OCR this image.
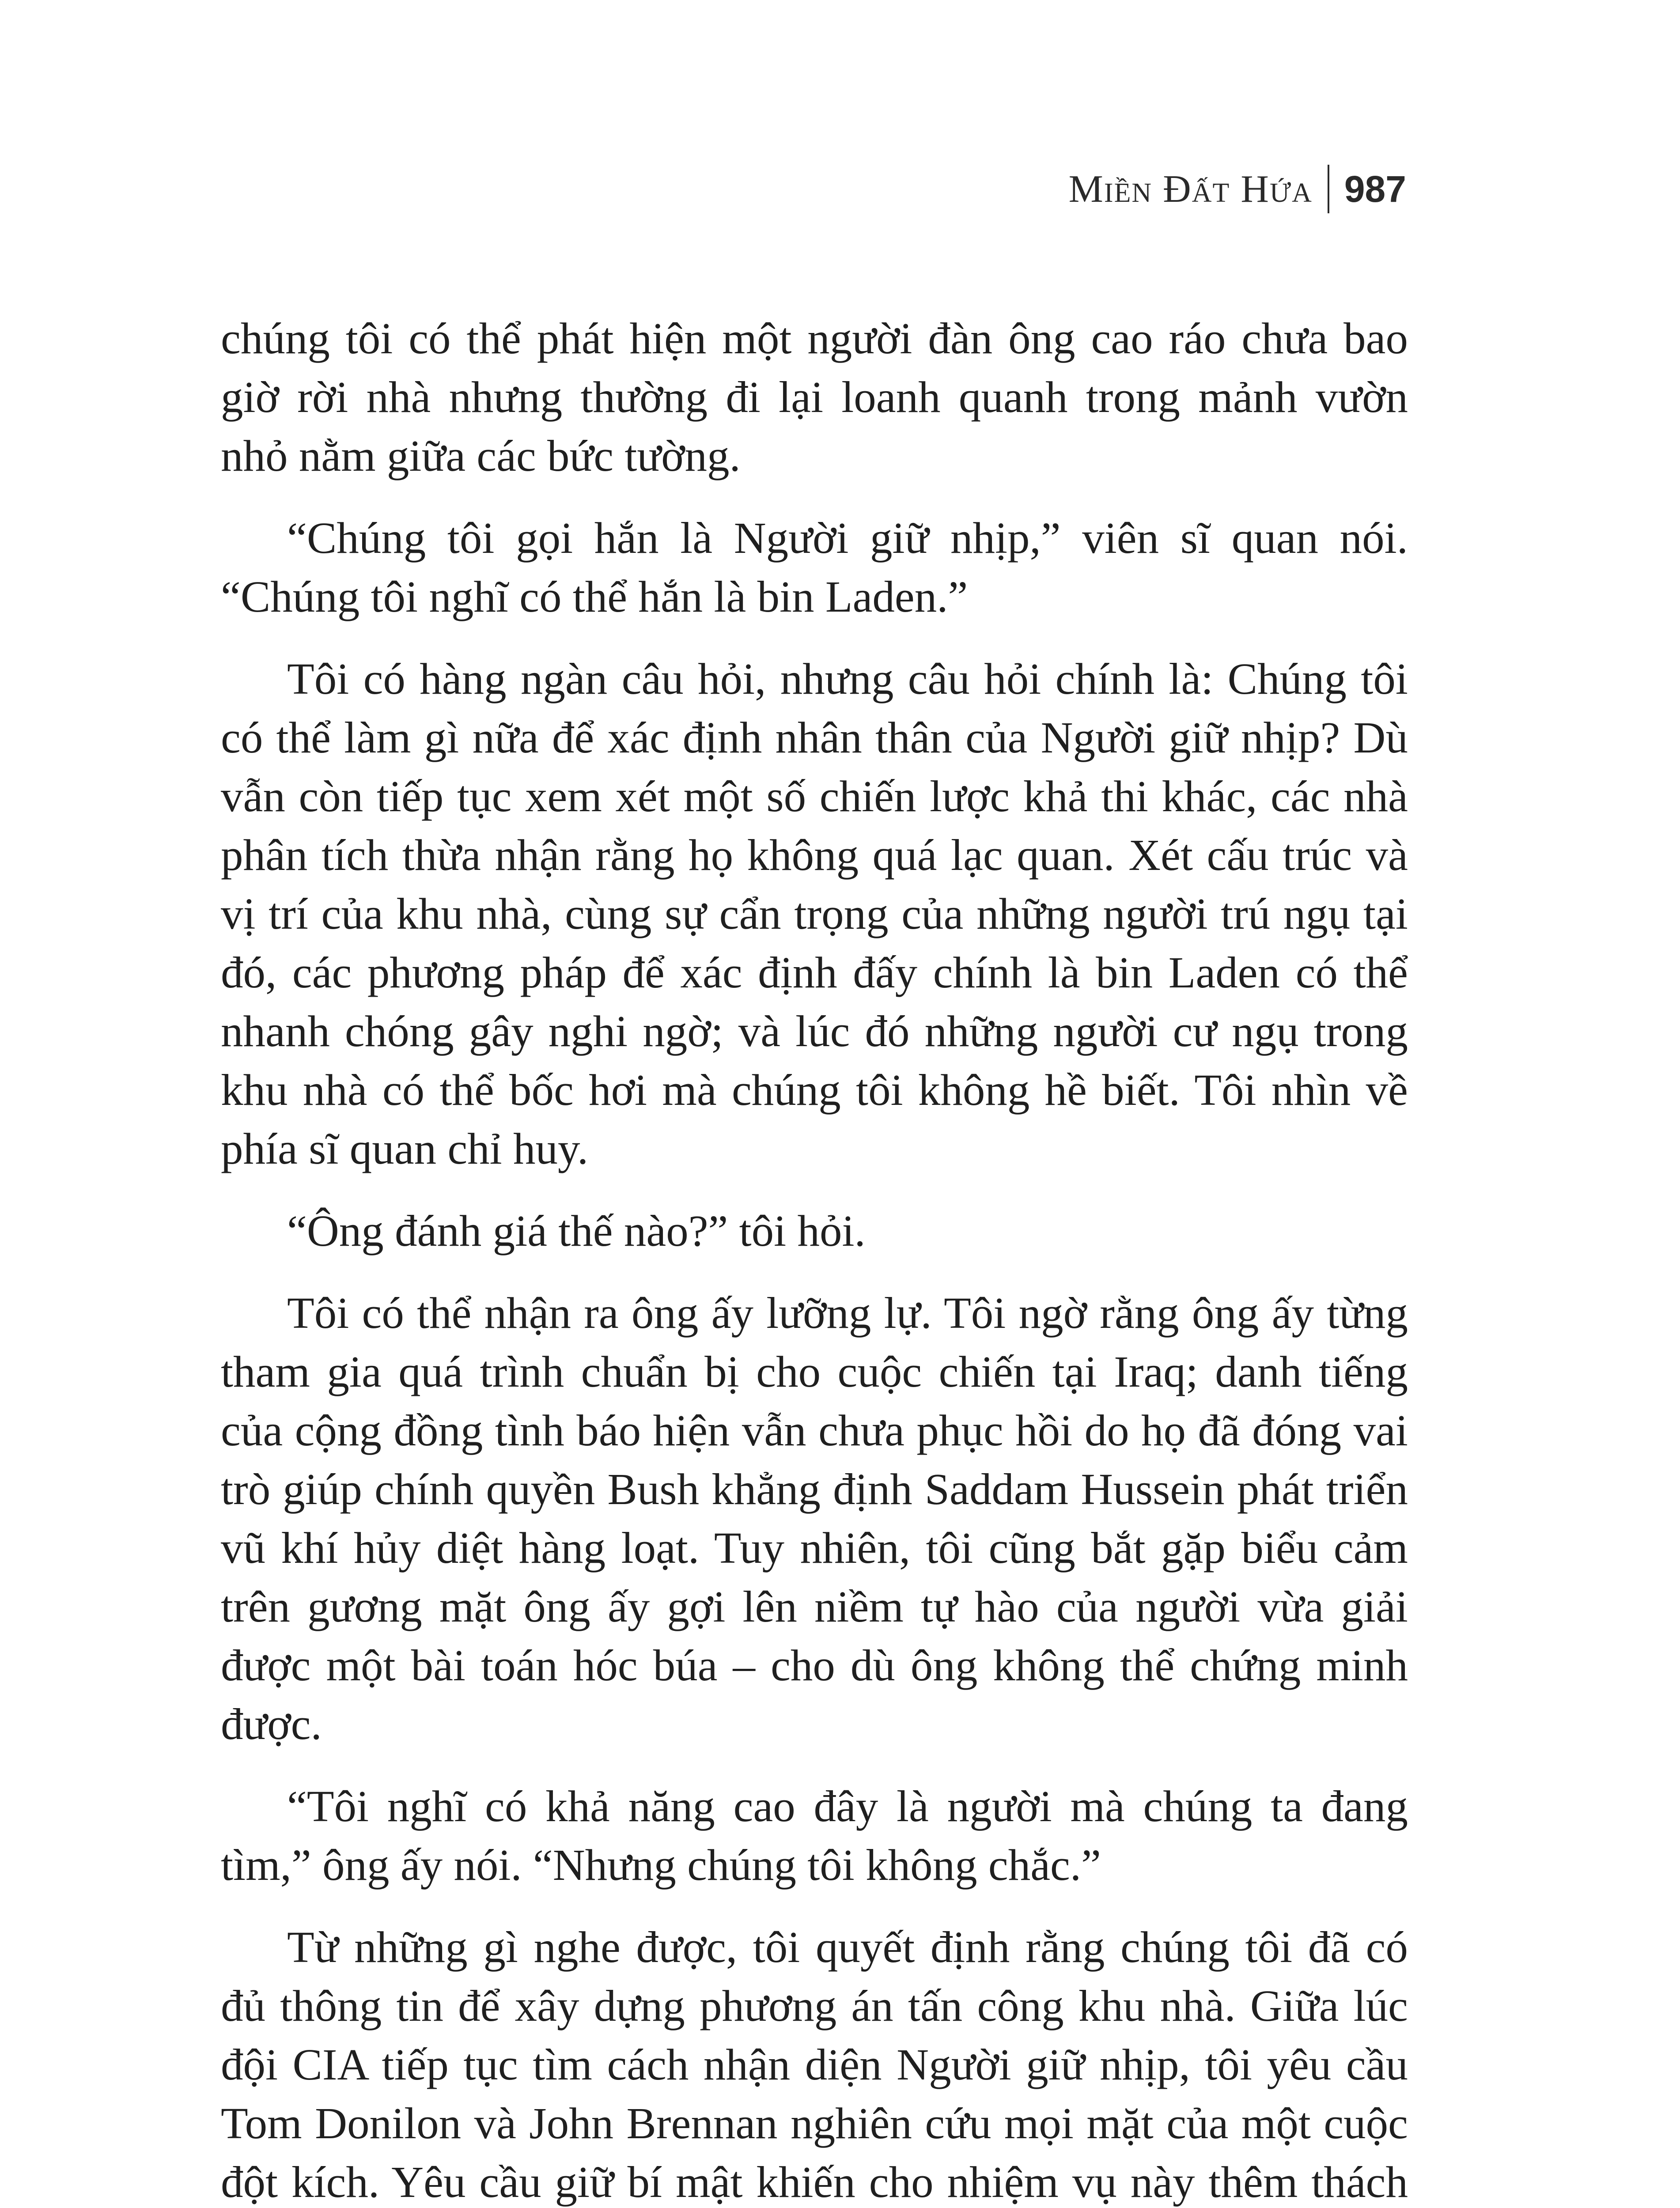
Miền Đất Hứa 987

chúng tôi có thể phát hiện một người đàn ông cao ráo chưa bao giờ rời nhà nhưng thường đi lại loanh quanh trong mảnh vườn nhỏ nằm giữa các bức tường.

“Chúng tôi gọi hắn là Người giữ nhịp,” viên sĩ quan nói. “Chúng tôi nghĩ có thể hắn là bin Laden.”

Tôi có hàng ngàn câu hỏi, nhưng câu hỏi chính là: Chúng tôi có thể làm gì nữa để xác định nhân thân của Người giữ nhịp? Dù vẫn còn tiếp tục xem xét một số chiến lược khả thi khác, các nhà phân tích thừa nhận rằng họ không quá lạc quan. Xét cấu trúc và vị trí của khu nhà, cùng sự cẩn trọng của những người trú ngụ tại đó, các phương pháp để xác định đấy chính là bin Laden có thể nhanh chóng gây nghi ngờ; và lúc đó những người cư ngụ trong khu nhà có thể bốc hơi mà chúng tôi không hề biết. Tôi nhìn về phía sĩ quan chỉ huy.

“Ông đánh giá thế nào?” tôi hỏi.

Tôi có thể nhận ra ông ấy lưỡng lự. Tôi ngờ rằng ông ấy từng tham gia quá trình chuẩn bị cho cuộc chiến tại Iraq; danh tiếng của cộng đồng tình báo hiện vẫn chưa phục hồi do họ đã đóng vai trò giúp chính quyền Bush khẳng định Saddam Hussein phát triển vũ khí hủy diệt hàng loạt. Tuy nhiên, tôi cũng bắt gặp biểu cảm trên gương mặt ông ấy gợi lên niềm tự hào của người vừa giải được một bài toán hóc búa – cho dù ông không thể chứng minh được.

“Tôi nghĩ có khả năng cao đây là người mà chúng ta đang tìm,” ông ấy nói. “Nhưng chúng tôi không chắc.”

Từ những gì nghe được, tôi quyết định rằng chúng tôi đã có đủ thông tin để xây dựng phương án tấn công khu nhà. Giữa lúc đội CIA tiếp tục tìm cách nhận diện Người giữ nhịp, tôi yêu cầu Tom Donilon và John Brennan nghiên cứu mọi mặt của một cuộc đột kích. Yêu cầu giữ bí mật khiến cho nhiệm vụ này thêm thách
